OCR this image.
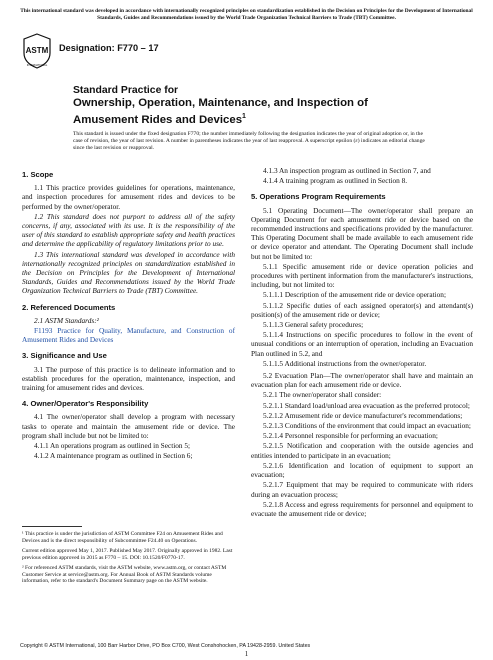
This international standard was developed in accordance with internationally recognized principles on standardization established in the Decision on Principles for the Development of International Standards, Guides and Recommendations issued by the World Trade Organization Technical Barriers to Trade (TBT) Committee.
ASTM
INTERNATIONAL
Designation: F770 – 17
Standard Practice for
Ownership, Operation, Maintenance, and Inspection of Amusement Rides and Devices$^1$
This standard is issued under the fixed designation F770; the number immediately following the designation indicates the year of original adoption or, in the case of revision, the year of last revision. A number in parentheses indicates the year of last reapproval. A superscript epsilon (ε) indicates an editorial change since the last revision or reapproval.
1. Scope

1.1 This practice provides guidelines for operations, maintenance, and inspection procedures for amusement rides and devices to be performed by the owner/operator.

1.2 This standard does not purport to address all of the safety concerns, if any, associated with its use. It is the responsibility of the user of this standard to establish appropriate safety and health practices and determine the applicability of regulatory limitations prior to use.

1.3 This international standard was developed in accordance with internationally recognized principles on standardization established in the Decision on Principles for the Development of International Standards, Guides and Recommendations issued by the World Trade Organization Technical Barriers to Trade (TBT) Committee.

2. Referenced Documents

2.1 ASTM Standards:²

F1193 Practice for Quality, Manufacture, and Construction of Amusement Rides and Devices

3. Significance and Use

3.1 The purpose of this practice is to delineate information and to establish procedures for the operation, maintenance, inspection, and training for amusement rides and devices.

4. Owner/Operator's Responsibility

4.1 The owner/operator shall develop a program with necessary tasks to operate and maintain the amusement ride or device. The program shall include but not be limited to:

4.1.1 An operations program as outlined in Section 5;

4.1.2 A maintenance program as outlined in Section 6;

¹ This practice is under the jurisdiction of ASTM Committee F24 on Amusement Rides and Devices and is the direct responsibility of Subcommittee F24.40 on Operations.

Current edition approved May 1, 2017. Published May 2017. Originally approved in 1982. Last previous edition approved in 2015 as F770 – 15. DOI: 10.1520/F0770-17.

² For referenced ASTM standards, visit the ASTM website, www.astm.org, or contact ASTM Customer Service at service@astm.org. For Annual Book of ASTM Standards volume information, refer to the standard's Document Summary page on the ASTM website.

4.1.3 An inspection program as outlined in Section 7, and

4.1.4 A training program as outlined in Section 8.

5. Operations Program Requirements

5.1 Operating Document—The owner/operator shall prepare an Operating Document for each amusement ride or device based on the recommended instructions and specifications provided by the manufacturer. This Operating Document shall be made available to each amusement ride or device operator and attendant. The Operating Document shall include but not be limited to:

5.1.1 Specific amusement ride or device operation policies and procedures with pertinent information from the manufacturer's instructions, including, but not limited to:

5.1.1.1 Description of the amusement ride or device operation;

5.1.1.2 Specific duties of each assigned operator(s) and attendant(s) position(s) of the amusement ride or device;

5.1.1.3 General safety procedures;

5.1.1.4 Instructions on specific procedures to follow in the event of unusual conditions or an interruption of operation, including an Evacuation Plan outlined in 5.2, and

5.1.1.5 Additional instructions from the owner/operator.

5.2 Evacuation Plan—The owner/operator shall have and maintain an evacuation plan for each amusement ride or device.

5.2.1 The owner/operator shall consider:

5.2.1.1 Standard load/unload area evacuation as the preferred protocol;

5.2.1.2 Amusement ride or device manufacturer's recommendations;

5.2.1.3 Conditions of the environment that could impact an evacuation;

5.2.1.4 Personnel responsible for performing an evacuation;

5.2.1.5 Notification and cooperation with the outside agencies and entities intended to participate in an evacuation;

5.2.1.6 Identification and location of equipment to support an evacuation;

5.2.1.7 Equipment that may be required to communicate with riders during an evacuation process;

5.2.1.8 Access and egress requirements for personnel and equipment to evacuate the amusement ride or device;

Copyright © ASTM International, 100 Barr Harbor Drive, PO Box C700, West Conshohocken, PA 19428-2959. United States
1
